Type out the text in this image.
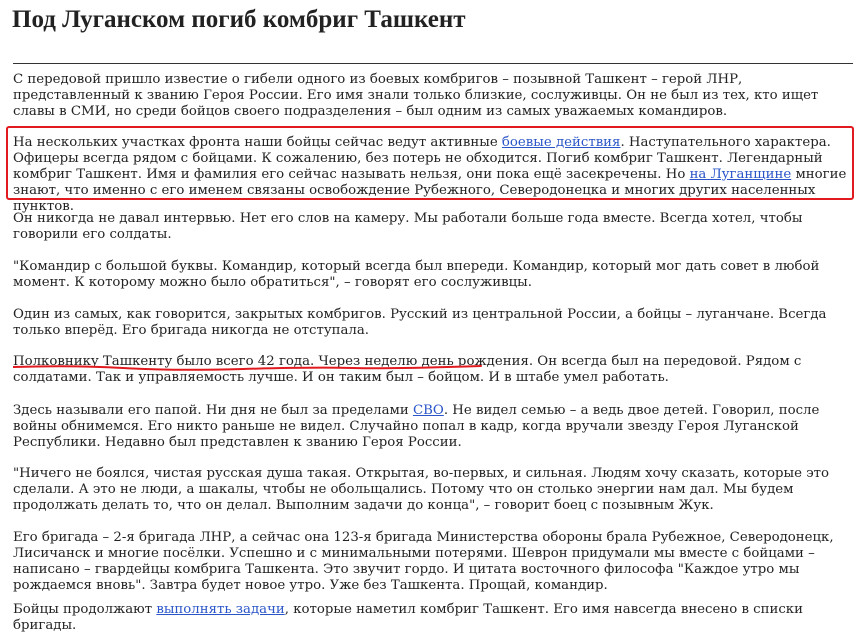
Под Луганском погиб комбриг Ташкент

С передовой пришло известие о гибели одного из боевых комбригов – позывной Ташкент – герой ЛНР, представленный к званию Героя России. Его имя знали только близкие, сослуживцы. Он не был из тех, кто ищет славы в СМИ, но среди бойцов своего подразделения – был одним из самых уважаемых командиров.

На нескольких участках фронта наши бойцы сейчас ведут активные боевые действия. Наступательного характера. Офицеры всегда рядом с бойцами. К сожалению, без потерь не обходится. Погиб комбриг Ташкент. Легендарный комбриг Ташкент. Имя и фамилия его сейчас называть нельзя, они пока ещё засекречены. Но на Луганщине многие знают, что именно с его именем связаны освобождение Рубежного, Северодонецка и многих других населенных пунктов.

Он никогда не давал интервью. Нет его слов на камеру. Мы работали больше года вместе. Всегда хотел, чтобы говорили его солдаты.

"Командир с большой буквы. Командир, который всегда был впереди. Командир, который мог дать совет в любой момент. К которому можно было обратиться", – говорят его сослуживцы.

Один из самых, как говорится, закрытых комбригов. Русский из центральной России, а бойцы – луганчане. Всегда только вперёд. Его бригада никогда не отступала.

Полковнику Ташкенту было всего 42 года. Через неделю день рождения. Он всегда был на передовой. Рядом с солдатами. Так и управляемость лучше. И он таким был – бойцом. И в штабе умел работать.

Здесь называли его папой. Ни дня не был за пределами СВО. Не видел семью – а ведь двое детей. Говорил, после войны обнимемся. Его никто раньше не видел. Случайно попал в кадр, когда вручали звезду Героя Луганской Республики. Недавно был представлен к званию Героя России.

"Ничего не боялся, чистая русская душа такая. Открытая, во-первых, и сильная. Людям хочу сказать, которые это сделали. А это не люди, а шакалы, чтобы не обольщались. Потому что он столько энергии нам дал. Мы будем продолжать делать то, что он делал. Выполним задачи до конца", – говорит боец с позывным Жук.

Его бригада – 2-я бригада ЛНР, а сейчас она 123-я бригада Министерства обороны брала Рубежное, Северодонецк, Лисичанск и многие посёлки. Успешно и с минимальными потерями. Шеврон придумали мы вместе с бойцами – написано – гвардейцы комбрига Ташкента. Это звучит гордо. И цитата восточного философа "Каждое утро мы рождаемся вновь". Завтра будет новое утро. Уже без Ташкента. Прощай, командир.

Бойцы продолжают выполнять задачи, которые наметил комбриг Ташкент. Его имя навсегда внесено в списки бригады.
